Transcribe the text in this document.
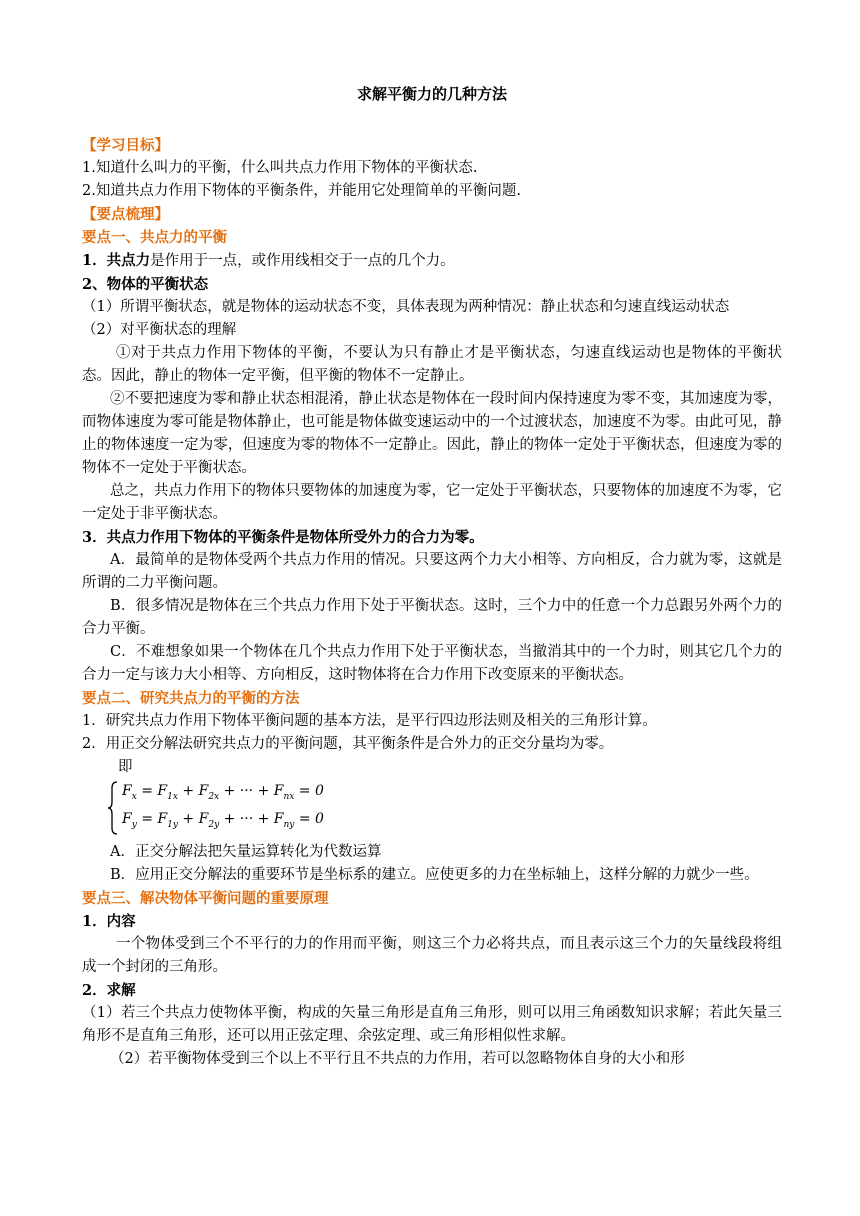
求解平衡力的几种方法

【学习目标】

1.知道什么叫力的平衡，什么叫共点力作用下物体的平衡状态.

2.知道共点力作用下物体的平衡条件，并能用它处理简单的平衡问题.

【要点梳理】

要点一、共点力的平衡

1．共点力是作用于一点，或作用线相交于一点的几个力。

2、物体的平衡状态

（1）所谓平衡状态，就是物体的运动状态不变，具体表现为两种情况：静止状态和匀速直线运动状态

（2）对平衡状态的理解

①对于共点力作用下物体的平衡，不要认为只有静止才是平衡状态，匀速直线运动也是物体的平衡状态。因此，静止的物体一定平衡，但平衡的物体不一定静止。

②不要把速度为零和静止状态相混淆，静止状态是物体在一段时间内保持速度为零不变，其加速度为零，而物体速度为零可能是物体静止，也可能是物体做变速运动中的一个过渡状态，加速度不为零。由此可见，静止的物体速度一定为零，但速度为零的物体不一定静止。因此，静止的物体一定处于平衡状态，但速度为零的物体不一定处于平衡状态。

总之，共点力作用下的物体只要物体的加速度为零，它一定处于平衡状态，只要物体的加速度不为零，它一定处于非平衡状态。

3．共点力作用下物体的平衡条件是物体所受外力的合力为零。

A．最简单的是物体受两个共点力作用的情况。只要这两个力大小相等、方向相反，合力就为零，这就是所谓的二力平衡问题。

B．很多情况是物体在三个共点力作用下处于平衡状态。这时，三个力中的任意一个力总跟另外两个力的合力平衡。

C．不难想象如果一个物体在几个共点力作用下处于平衡状态，当撤消其中的一个力时，则其它几个力的合力一定与该力大小相等、方向相反，这时物体将在合力作用下改变原来的平衡状态。

要点二、研究共点力的平衡的方法

1．研究共点力作用下物体平衡问题的基本方法，是平行四边形法则及相关的三角形计算。

2．用正交分解法研究共点力的平衡问题，其平衡条件是合外力的正交分量均为零。

即

$F_x = F_{1x} + F_{2x}$ + ··· + $F_{nx} = 0$
$F_y = F_{1y} + F_{2y}$ + ··· + $F_{ny} = 0$

A．正交分解法把矢量运算转化为代数运算

B．应用正交分解法的重要环节是坐标系的建立。应使更多的力在坐标轴上，这样分解的力就少一些。

要点三、解决物体平衡问题的重要原理

1．内容

一个物体受到三个不平行的力的作用而平衡，则这三个力必将共点，而且表示这三个力的矢量线段将组成一个封闭的三角形。

2．求解

（1）若三个共点力使物体平衡，构成的矢量三角形是直角三角形，则可以用三角函数知识求解；若此矢量三角形不是直角三角形，还可以用正弦定理、余弦定理、或三角形相似性求解。

（2）若平衡物体受到三个以上不平行且不共点的力作用，若可以忽略物体自身的大小和形
